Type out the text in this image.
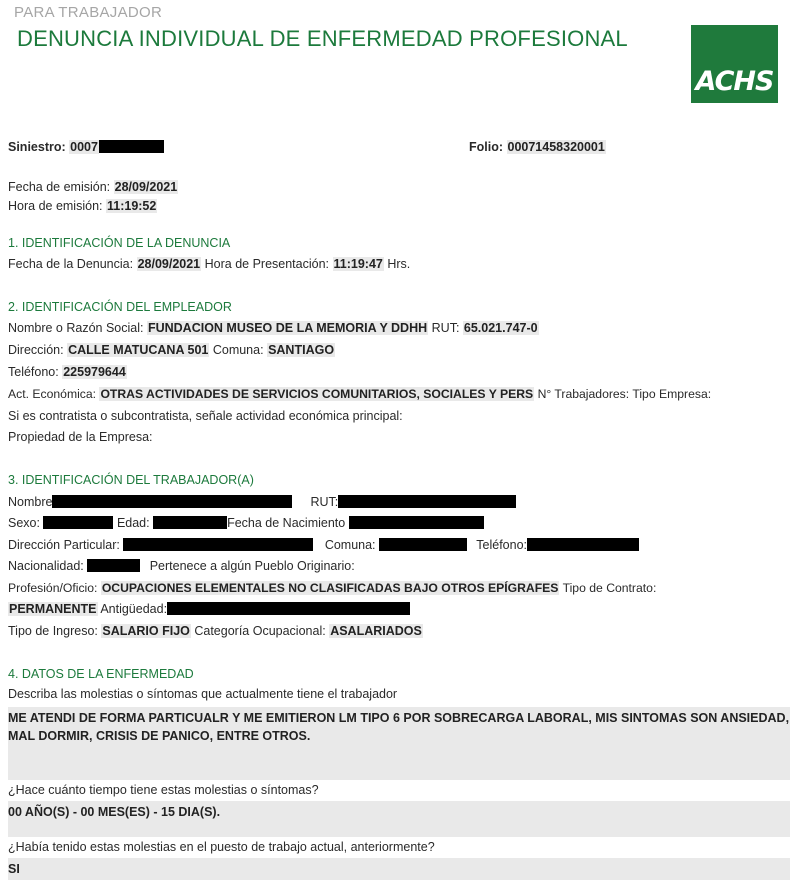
PARA TRABAJADOR
DENUNCIA INDIVIDUAL DE ENFERMEDAD PROFESIONAL
ACHS
Siniestro: 0007	Folio: 00071458320001
Fecha de emisión: 28/09/2021
Hora de emisión: 11:19:52
1. IDENTIFICACIÓN DE LA DENUNCIA
Fecha de la Denuncia: 28/09/2021 Hora de Presentación: 11:19:47 Hrs.
2. IDENTIFICACIÓN DEL EMPLEADOR
Nombre o Razón Social: FUNDACION MUSEO DE LA MEMORIA Y DDHH RUT: 65.021.747-0
Dirección: CALLE MATUCANA 501 Comuna: SANTIAGO
Teléfono: 225979644
Act. Económica: OTRAS ACTIVIDADES DE SERVICIOS COMUNITARIOS, SOCIALES Y PERS N° Trabajadores: Tipo Empresa:
Si es contratista o subcontratista, señale actividad económica principal:
Propiedad de la Empresa:
3. IDENTIFICACIÓN DEL TRABAJADOR(A)
Nombre	RUT:
Sexo:	Edad:	Fecha de Nacimiento
Dirección Particular:	Comuna:	Teléfono:
Nacionalidad:	Pertenece a algún Pueblo Originario:
Profesión/Oficio: OCUPACIONES ELEMENTALES NO CLASIFICADAS BAJO OTROS EPÍGRAFES Tipo de Contrato:
PERMANENTE Antigüedad:
Tipo de Ingreso: SALARIO FIJO Categoría Ocupacional: ASALARIADOS
4. DATOS DE LA ENFERMEDAD
Describa las molestias o síntomas que actualmente tiene el trabajador
ME ATENDI DE FORMA PARTICUALR Y ME EMITIERON LM TIPO 6 POR SOBRECARGA LABORAL, MIS SINTOMAS SON ANSIEDAD, MAL DORMIR, CRISIS DE PANICO, ENTRE OTROS.
¿Hace cuánto tiempo tiene estas molestias o síntomas?
00 AÑO(S) - 00 MES(ES) - 15 DIA(S).
¿Había tenido estas molestias en el puesto de trabajo actual, anteriormente?
SI
